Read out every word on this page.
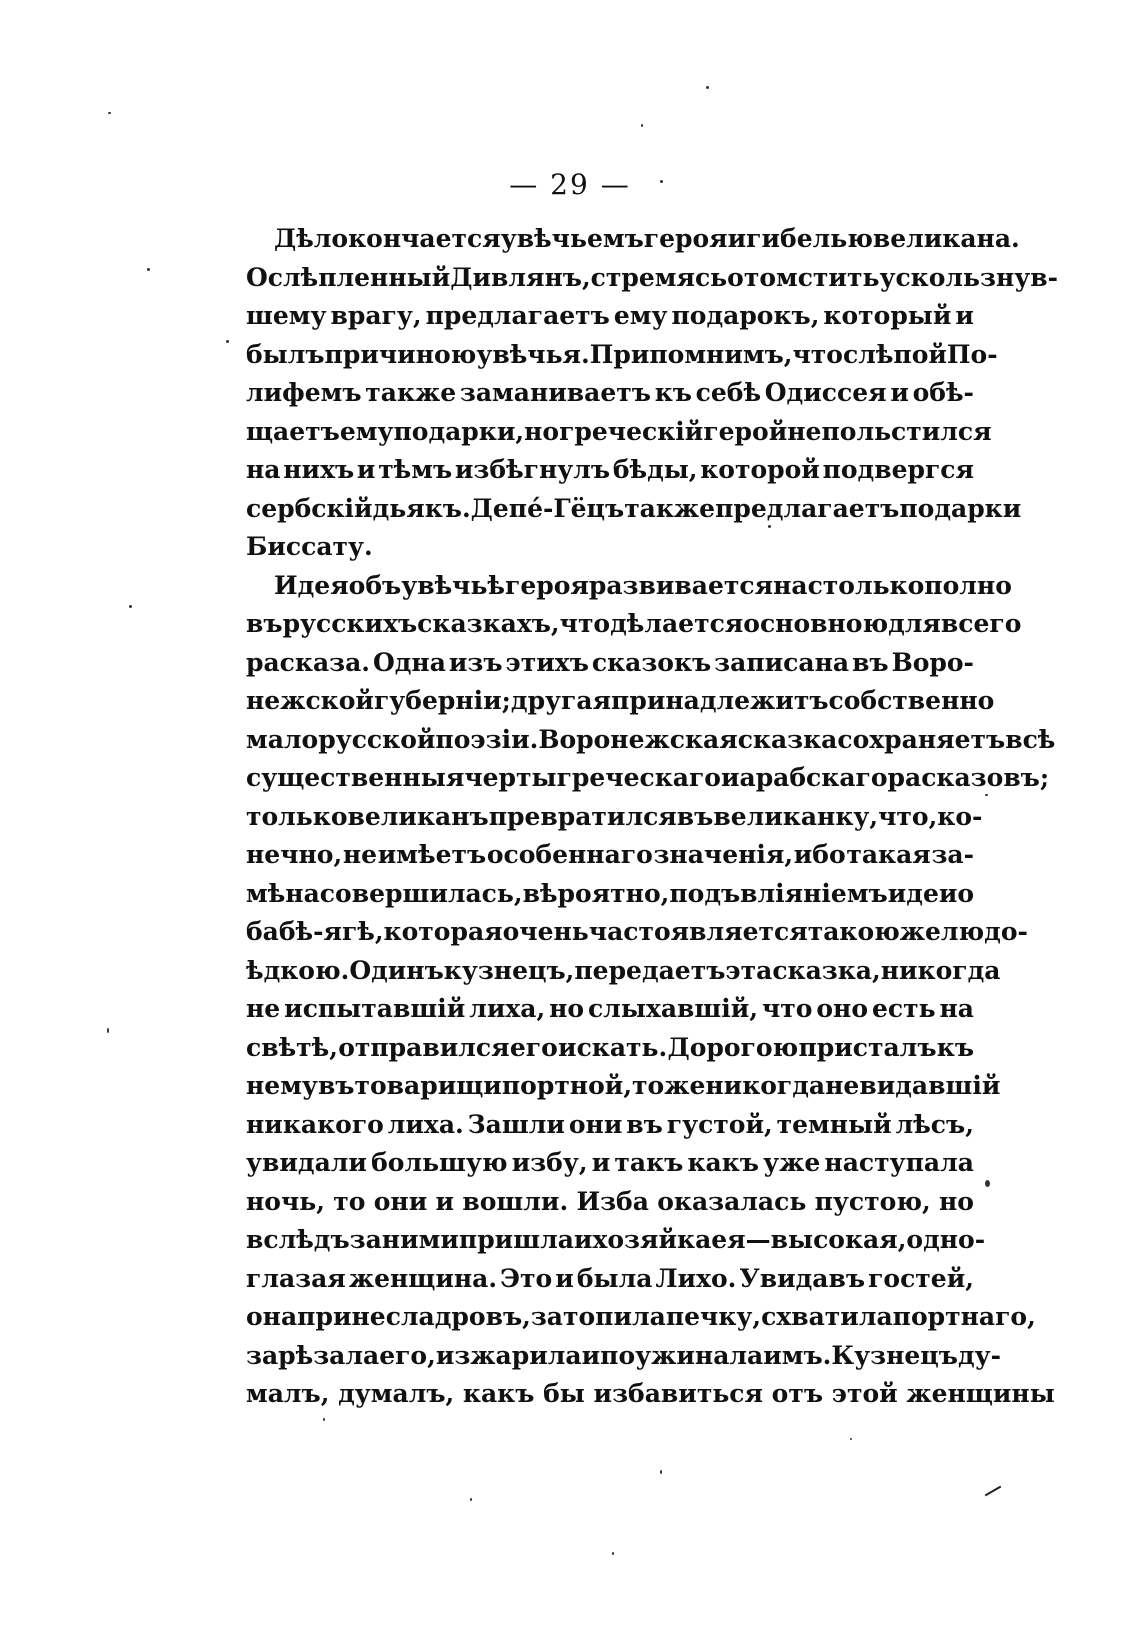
— 29 —
Дѣло кончается увѣчьемъ героя и гибелью великана.
Ослѣпленный Дивлянъ, стремясь отомстить ускользнув-
шему врагу, предлагаетъ ему подарокъ, который и
былъ причиною увѣчья. Припомнимъ, что слѣпой По-
лифемъ также заманиваетъ къ себѣ Одиссея и обѣ-
щаетъ ему подарки, но греческій герой не польстился
на нихъ и тѣмъ избѣгнулъ бѣды, которой подвергся
сербскій дьякъ. Депе́-Гёцъ также предлагаетъ подарки
Биссату.
Идея объ увѣчьѣ героя развивается настолько полно
въ русскихъ сказкахъ, что дѣлается основною для всего
расказа. Одна изъ этихъ сказокъ записана въ Воро-
нежской губерніи; другая принадлежитъ собственно
малорусской поэзіи. Воронежская сказка сохраняетъ всѣ
существенныя черты греческаго и арабскаго расказовъ;
только великанъ превратился въ великанку, что, ко-
нечно, не имѣетъ особеннаго значенія, ибо такая за-
мѣна совершилась, вѣроятно, подъ вліяніемъ идеи о
бабѣ-ягѣ, которая очень часто является такою же людо-
ѣдкою. Одинъ кузнецъ, передаетъ эта сказка, никогда
не испытавшій лиха, но слыхавшій, что оно есть на
свѣтѣ, отправился его искать. Дорогою присталъ къ
нему въ товарищи портной, тоже никогда не видавшій
никакого лиха. Зашли они въ густой, темный лѣсъ,
увидали большую избу, и такъ какъ уже наступала
ночь, то они и вошли. Изба оказалась пустою, но
вслѣдъ за ними пришла и хозяйка ея—высокая, одно-
глазая женщина. Это и была Лихо. Увидавъ гостей,
она принесла дровъ, затопила печку, схватила портнаго,
зарѣзала его, изжарила и поужинала имъ. Кузнецъ ду-
малъ, думалъ, какъ бы избавиться отъ этой женщины
